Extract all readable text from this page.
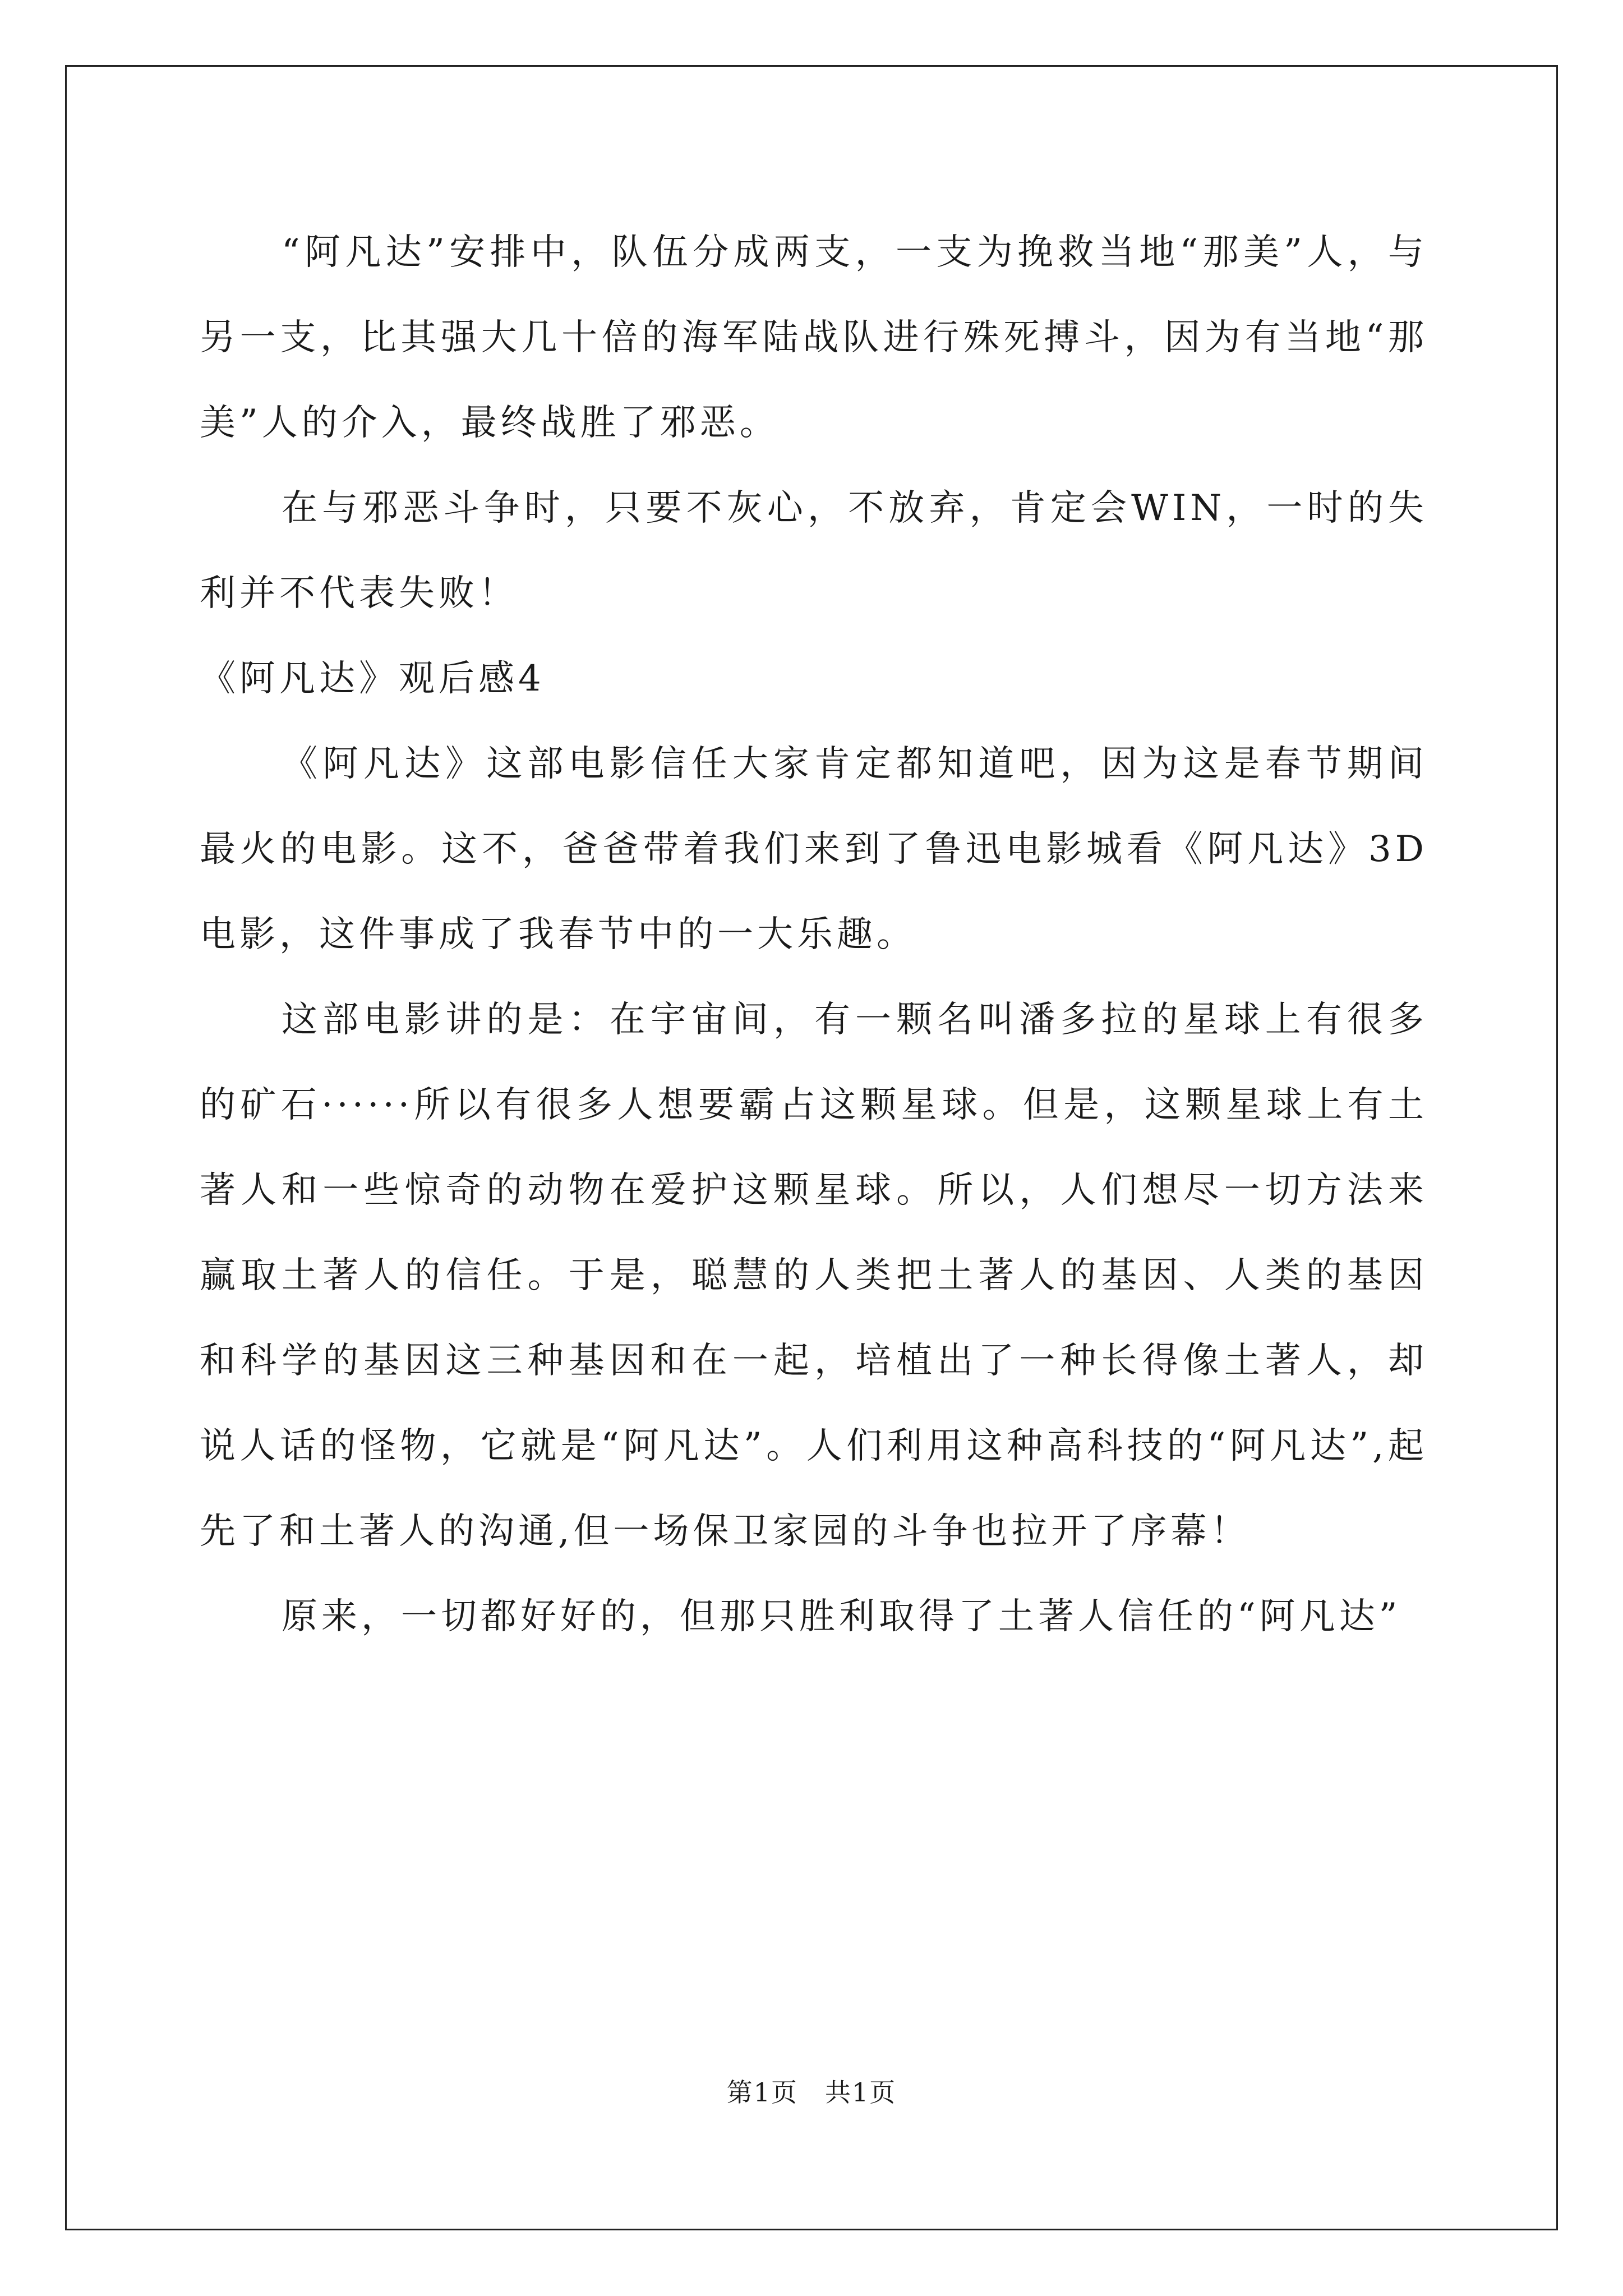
“阿凡达”安排中，队伍分成两支，一支为挽救当地“那美”人，与另一支，比其强大几十倍的海军陆战队进行殊死搏斗，因为有当地“那美”人的介入，最终战胜了邪恶。

在与邪恶斗争时，只要不灰心，不放弃，肯定会WIN，一时的失利并不代表失败！

《阿凡达》观后感4

《阿凡达》这部电影信任大家肯定都知道吧，因为这是春节期间最火的电影。这不，爸爸带着我们来到了鲁迅电影城看《阿凡达》3D电影，这件事成了我春节中的一大乐趣。

这部电影讲的是：在宇宙间，有一颗名叫潘多拉的星球上有很多的矿石······所以有很多人想要霸占这颗星球。但是，这颗星球上有土著人和一些惊奇的动物在爱护这颗星球。所以，人们想尽一切方法来赢取土著人的信任。于是，聪慧的人类把土著人的基因、人类的基因和科学的基因这三种基因和在一起，培植出了一种长得像土著人，却说人话的怪物，它就是“阿凡达”。人们利用这种高科技的“阿凡达”,起先了和土著人的沟通,但一场保卫家园的斗争也拉开了序幕！

原来，一切都好好的，但那只胜利取得了土著人信任的“阿凡达”

第1页　共1页
